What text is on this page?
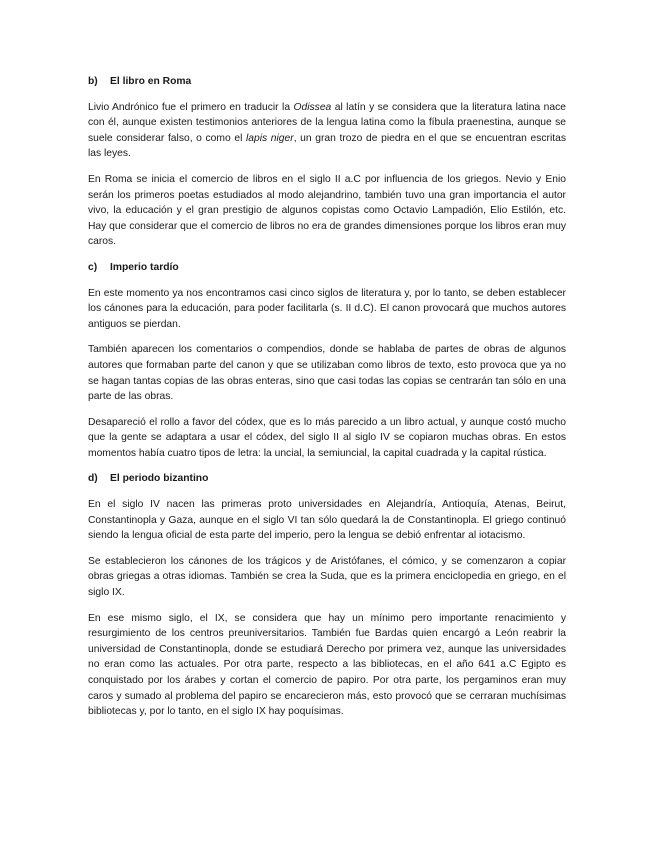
b)	El libro en Roma

Livio Andrónico fue el primero en traducir la Odissea al latín y se considera que la literatura latina nace con él, aunque existen testimonios anteriores de la lengua latina como la fíbula praenestina, aunque se suele considerar falso, o como el lapis niger, un gran trozo de piedra en el que se encuentran escritas las leyes.

En Roma se inicia el comercio de libros en el siglo II a.C por influencia de los griegos. Nevio y Enio serán los primeros poetas estudiados al modo alejandrino, también tuvo una gran importancia el autor vivo, la educación y el gran prestigio de algunos copistas como Octavio Lampadión, Elio Estilón, etc. Hay que considerar que el comercio de libros no era de grandes dimensiones porque los libros eran muy caros.

c)	Imperio tardío

En este momento ya nos encontramos casi cinco siglos de literatura y, por lo tanto, se deben establecer los cánones para la educación, para poder facilitarla (s. II d.C). El canon provocará que muchos autores antiguos se pierdan.

También aparecen los comentarios o compendios, donde se hablaba de partes de obras de algunos autores que formaban parte del canon y que se utilizaban como libros de texto, esto provoca que ya no se hagan tantas copias de las obras enteras, sino que casi todas las copias se centrarán tan sólo en una parte de las obras.

Desapareció el rollo a favor del códex, que es lo más parecido a un libro actual, y aunque costó mucho que la gente se adaptara a usar el códex, del siglo II al siglo IV se copiaron muchas obras. En estos momentos había cuatro tipos de letra: la uncial, la semiuncial, la capital cuadrada y la capital rústica.

d)	El periodo bizantino

En el siglo IV nacen las primeras proto universidades en Alejandría, Antioquía, Atenas, Beirut, Constantinopla y Gaza, aunque en el siglo VI tan sólo quedará la de Constantinopla. El griego continuó siendo la lengua oficial de esta parte del imperio, pero la lengua se debió enfrentar al iotacismo.

Se establecieron los cánones de los trágicos y de Aristófanes, el cómico, y se comenzaron a copiar obras griegas a otras idiomas. También se crea la Suda, que es la primera enciclopedia en griego, en el siglo IX.

En ese mismo siglo, el IX, se considera que hay un mínimo pero importante renacimiento y resurgimiento de los centros preuniversitarios. También fue Bardas quien encargó a León reabrir la universidad de Constantinopla, donde se estudiará Derecho por primera vez, aunque las universidades no eran como las actuales. Por otra parte, respecto a las bibliotecas, en el año 641 a.C Egipto es conquistado por los árabes y cortan el comercio de papiro. Por otra parte, los pergaminos eran muy caros y sumado al problema del papiro se encarecieron más, esto provocó que se cerraran muchísimas bibliotecas y, por lo tanto, en el siglo IX hay poquísimas.
